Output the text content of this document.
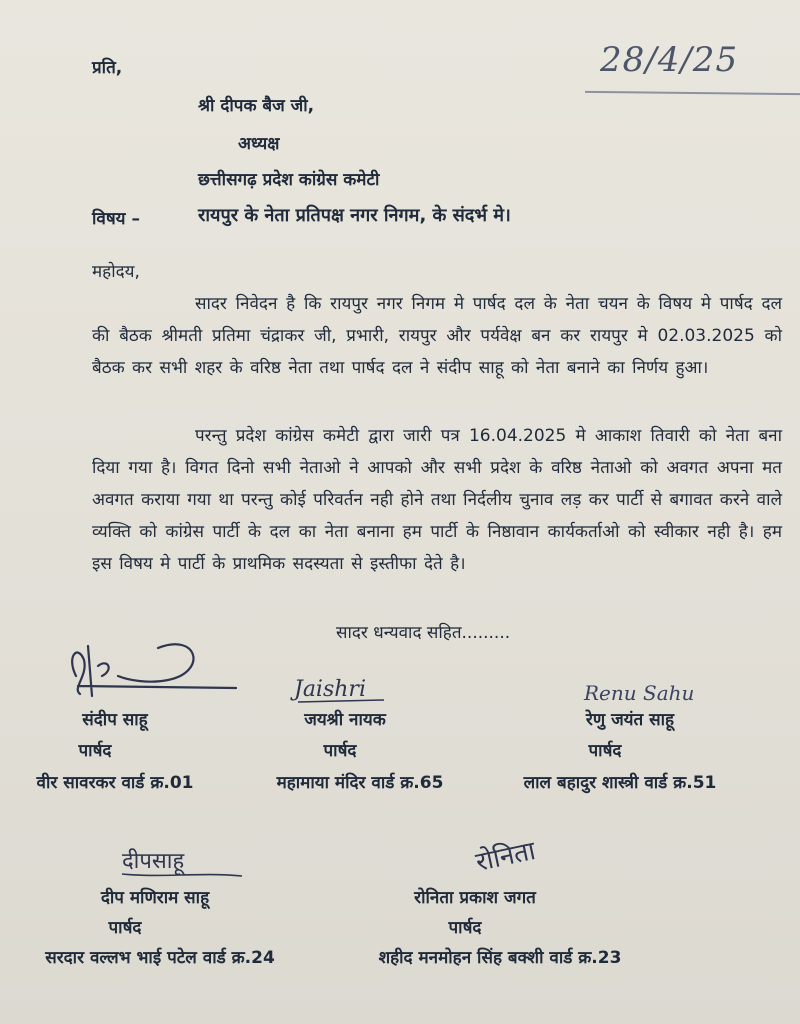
28/4/25
प्रति,
श्री दीपक बैज जी,
अध्यक्ष
छत्तीसगढ़ प्रदेश कांग्रेस कमेटी
विषय –	रायपुर के नेता प्रतिपक्ष नगर निगम, के संदर्भ मे।
महोदय,
सादर निवेदन है कि रायपुर नगर निगम मे पार्षद दल के नेता चयन के विषय मे पार्षद दल की बैठक श्रीमती प्रतिमा चंद्राकर जी, प्रभारी, रायपुर और पर्यवेक्ष बन कर रायपुर मे 02.03.2025 को बैठक कर सभी शहर के वरिष्ठ नेता तथा पार्षद दल ने संदीप साहू को नेता बनाने का निर्णय हुआ।
परन्तु प्रदेश कांग्रेस कमेटी द्वारा जारी पत्र 16.04.2025 मे आकाश तिवारी को नेता बना दिया गया है। विगत दिनो सभी नेताओ ने आपको और सभी प्रदेश के वरिष्ठ नेताओ को अवगत अपना मत अवगत कराया गया था परन्तु कोई परिवर्तन नही होने तथा निर्दलीय चुनाव लड़ कर पार्टी से बगावत करने वाले व्यक्ति को कांग्रेस पार्टी के दल का नेता बनाना हम पार्टी के निष्ठावान कार्यकर्ताओ को स्वीकार नही है। हम इस विषय मे पार्टी के प्राथमिक सदस्यता से इस्तीफा देते है।
सादर धन्यवाद सहित.........
Jaishri	Renu Sahu
दीपसाहू	रोनिता
संदीप साहू
पार्षद
वीर सावरकर वार्ड क्र.01
जयश्री नायक
पार्षद
महामाया मंदिर वार्ड क्र.65
रेणु जयंत साहू
पार्षद
लाल बहादुर शास्त्री वार्ड क्र.51
दीप मणिराम साहू
पार्षद
सरदार वल्लभ भाई पटेल वार्ड क्र.24
रोनिता प्रकाश जगत
पार्षद
शहीद मनमोहन सिंह बक्शी वार्ड क्र.23
